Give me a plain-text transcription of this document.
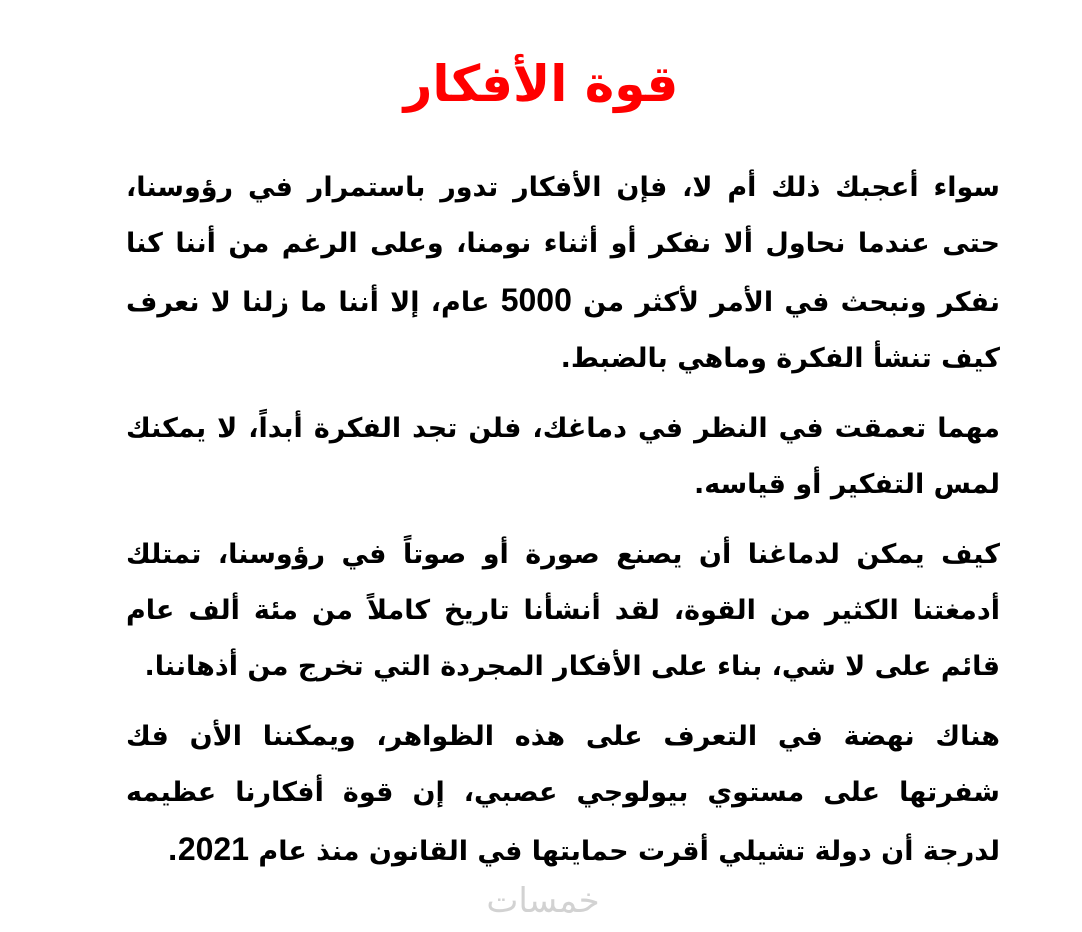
قوة الأفكار

سواء أعجبك ذلك أم لا، فإن الأفكار تدور باستمرار في رؤوسنا، حتى عندما نحاول ألا نفكر أو أثناء نومنا، وعلى الرغم من أننا كنا نفكر ونبحث في الأمر لأكثر من 5000 عام، إلا أننا ما زلنا لا نعرف كيف تنشأ الفكرة وماهي بالضبط.

مهما تعمقت في النظر في دماغك، فلن تجد الفكرة أبداً، لا يمكنك لمس التفكير أو قياسه.

كيف يمكن لدماغنا أن يصنع صورة أو صوتاً في رؤوسنا، تمتلك أدمغتنا الكثير من القوة، لقد أنشأنا تاريخ كاملاً من مئة ألف عام قائم على لا شي، بناء على الأفكار المجردة التي تخرج من أذهاننا.

هناك نهضة في التعرف على هذه الظواهر، ويمكننا الأن فك شفرتها على مستوي بيولوجي عصبي، إن قوة أفكارنا عظيمه لدرجة أن دولة تشيلي أقرت حمايتها في القانون منذ عام 2021.

خمسات
